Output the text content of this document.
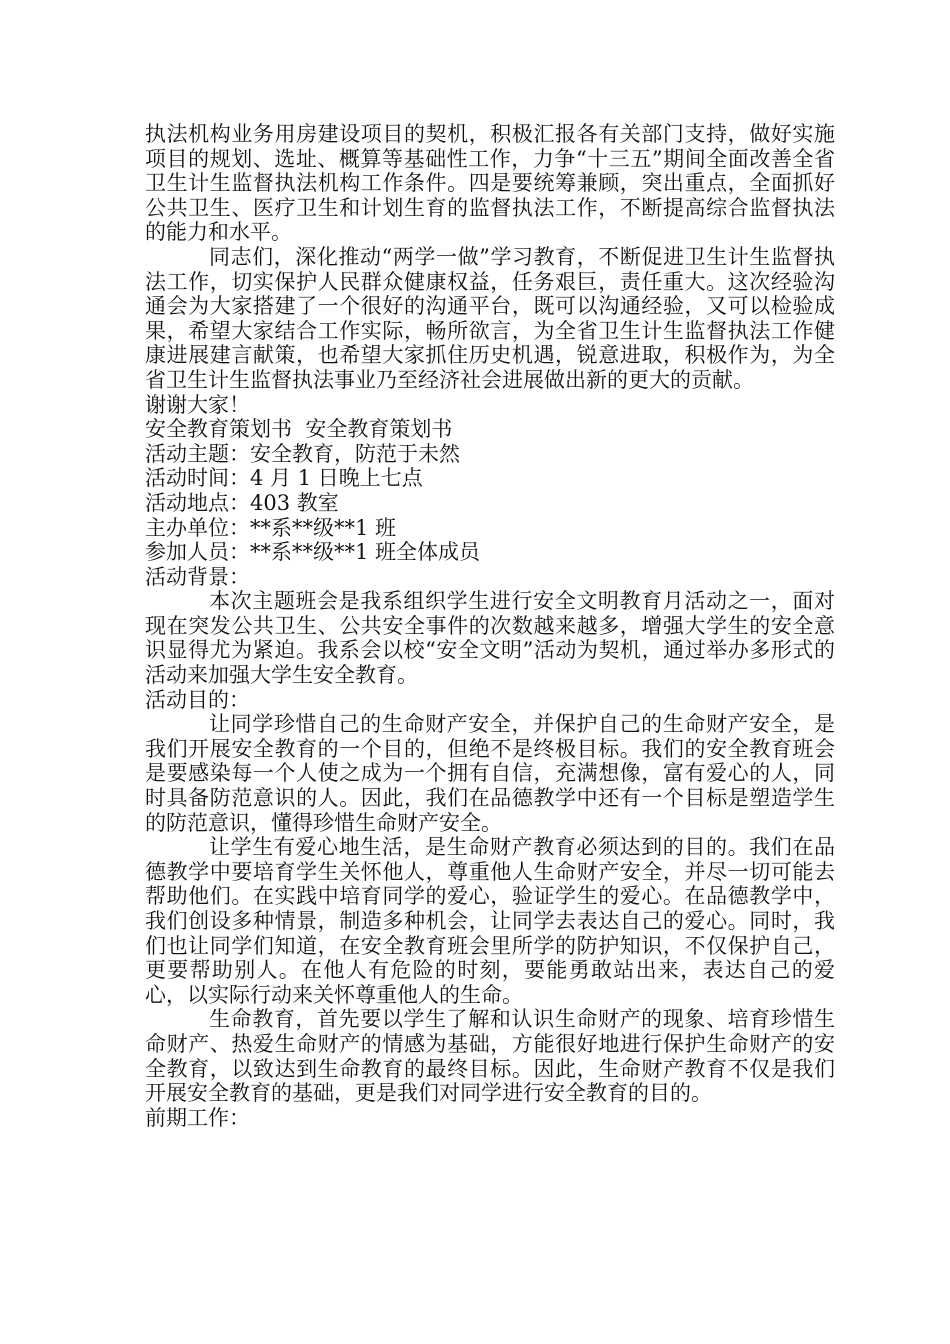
执法机构业务用房建设项目的契机，积极汇报各有关部门支持，做好实施项目的规划、选址、概算等基础性工作，力争“十三五”期间全面改善全省卫生计生监督执法机构工作条件。四是要统筹兼顾，突出重点，全面抓好公共卫生、医疗卫生和计划生育的监督执法工作，不断提高综合监督执法的能力和水平。

同志们，深化推动“两学一做”学习教育，不断促进卫生计生监督执法工作，切实保护人民群众健康权益，任务艰巨，责任重大。这次经验沟通会为大家搭建了一个很好的沟通平台，既可以沟通经验，又可以检验成果，希望大家结合工作实际，畅所欲言，为全省卫生计生监督执法工作健康进展建言献策，也希望大家抓住历史机遇，锐意进取，积极作为，为全省卫生计生监督执法事业乃至经济社会进展做出新的更大的贡献。

谢谢大家！

安全教育策划书  安全教育策划书

活动主题：安全教育，防范于未然

活动时间：4 月 1 日晚上七点

活动地点：403 教室

主办单位：**系**级**1 班

参加人员：**系**级**1 班全体成员

活动背景：

本次主题班会是我系组织学生进行安全文明教育月活动之一，面对现在突发公共卫生、公共安全事件的次数越来越多，增强大学生的安全意识显得尤为紧迫。我系会以校“安全文明”活动为契机，通过举办多形式的活动来加强大学生安全教育。

活动目的：

让同学珍惜自己的生命财产安全，并保护自己的生命财产安全，是我们开展安全教育的一个目的，但绝不是终极目标。我们的安全教育班会是要感染每一个人使之成为一个拥有自信，充满想像，富有爱心的人，同时具备防范意识的人。因此，我们在品德教学中还有一个目标是塑造学生的防范意识，懂得珍惜生命财产安全。

让学生有爱心地生活，是生命财产教育必须达到的目的。我们在品德教学中要培育学生关怀他人，尊重他人生命财产安全，并尽一切可能去帮助他们。在实践中培育同学的爱心，验证学生的爱心。在品德教学中，我们创设多种情景，制造多种机会，让同学去表达自己的爱心。同时，我们也让同学们知道，在安全教育班会里所学的防护知识，不仅保护自己，更要帮助别人。在他人有危险的时刻，要能勇敢站出来，表达自己的爱心，以实际行动来关怀尊重他人的生命。

生命教育，首先要以学生了解和认识生命财产的现象、培育珍惜生命财产、热爱生命财产的情感为基础，方能很好地进行保护生命财产的安全教育，以致达到生命教育的最终目标。因此，生命财产教育不仅是我们开展安全教育的基础，更是我们对同学进行安全教育的目的。

前期工作：
